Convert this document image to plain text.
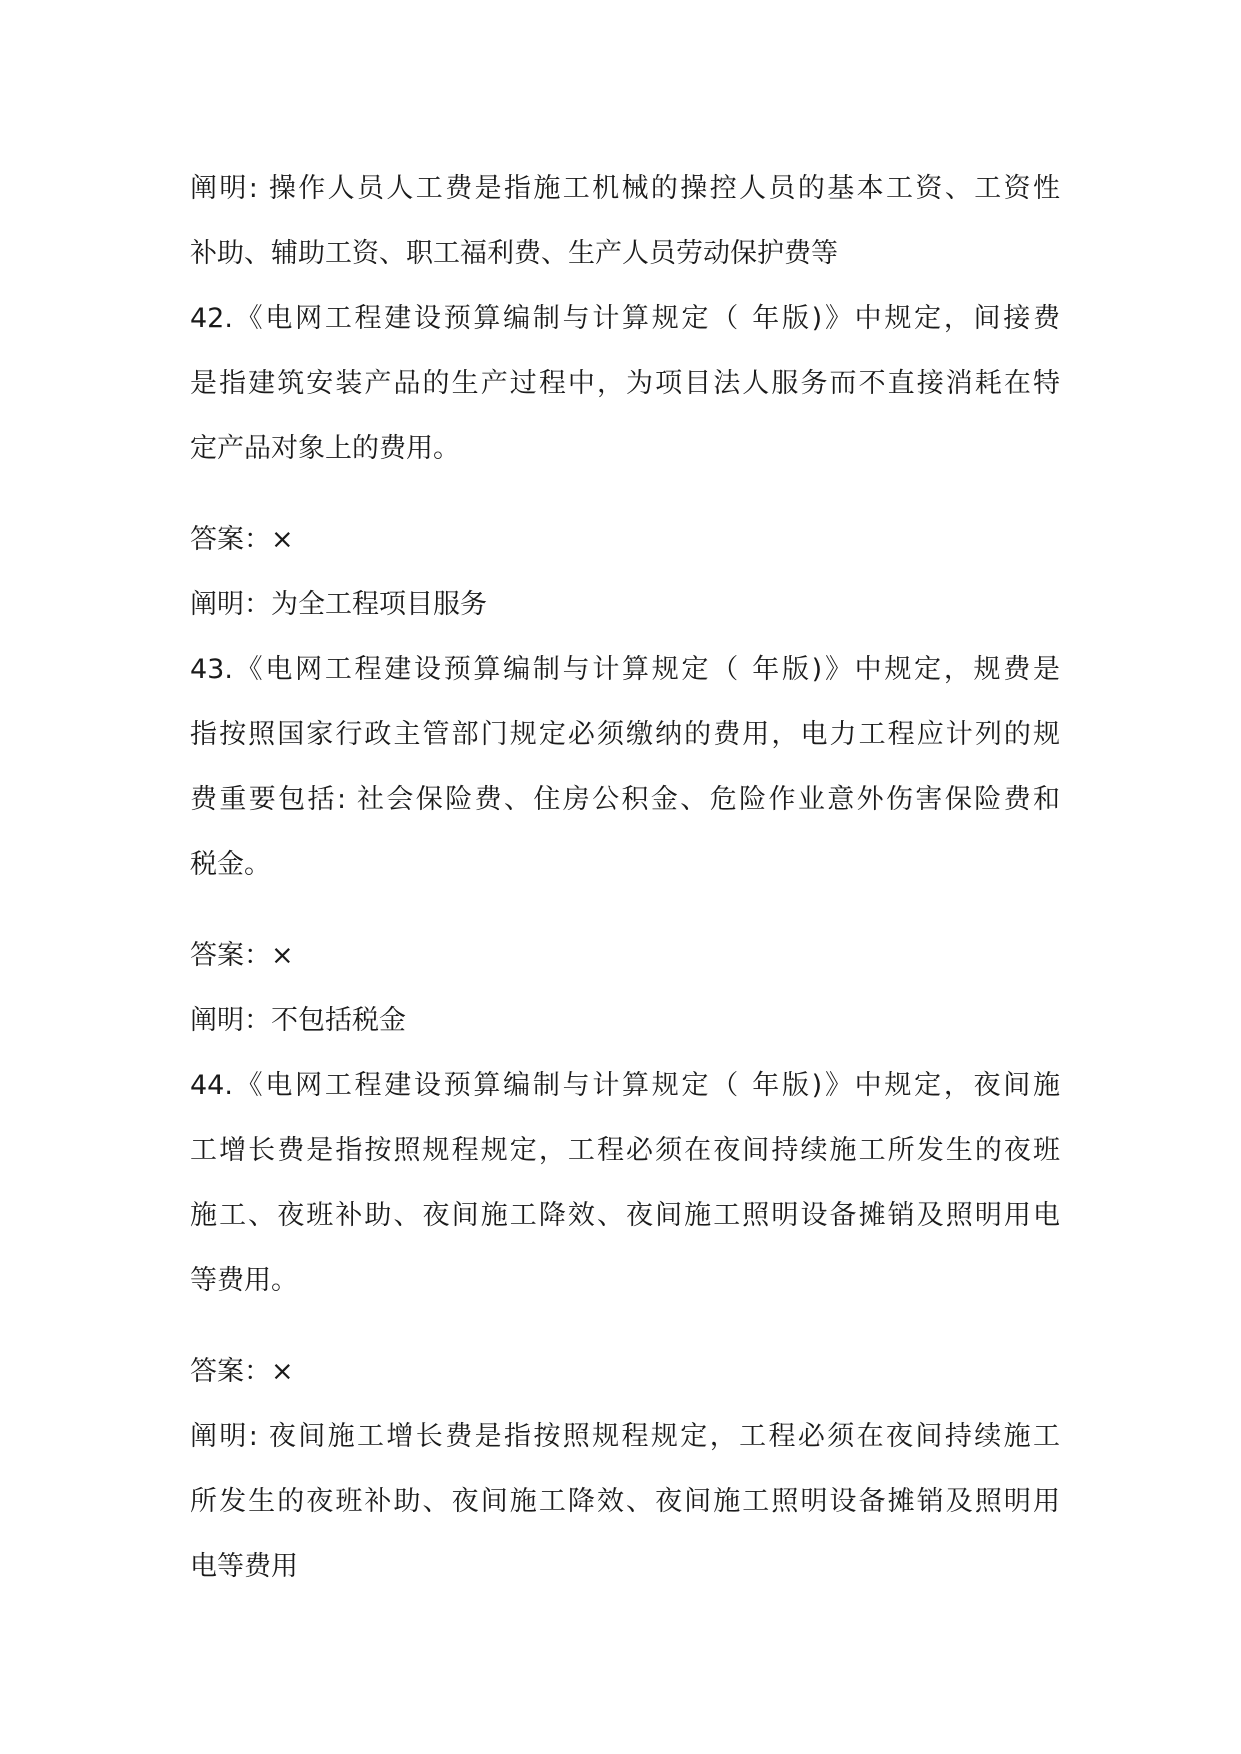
阐明: 操作人员人工费是指施工机械的操控人员的基本工资、工资性
补助、辅助工资、职工福利费、生产人员劳动保护费等
42.《电网工程建设预算编制与计算规定（ 年版)》中规定，间接费
是指建筑安装产品的生产过程中，为项目法人服务而不直接消耗在特
定产品对象上的费用。
答案：×
阐明：为全工程项目服务
43.《电网工程建设预算编制与计算规定（ 年版)》中规定，规费是
指按照国家行政主管部门规定必须缴纳的费用，电力工程应计列的规
费重要包括: 社会保险费、住房公积金、危险作业意外伤害保险费和
税金。
答案：×
阐明：不包括税金
44.《电网工程建设预算编制与计算规定（ 年版)》中规定，夜间施
工增长费是指按照规程规定，工程必须在夜间持续施工所发生的夜班
施工、夜班补助、夜间施工降效、夜间施工照明设备摊销及照明用电
等费用。
答案：×
阐明: 夜间施工增长费是指按照规程规定，工程必须在夜间持续施工
所发生的夜班补助、夜间施工降效、夜间施工照明设备摊销及照明用
电等费用
